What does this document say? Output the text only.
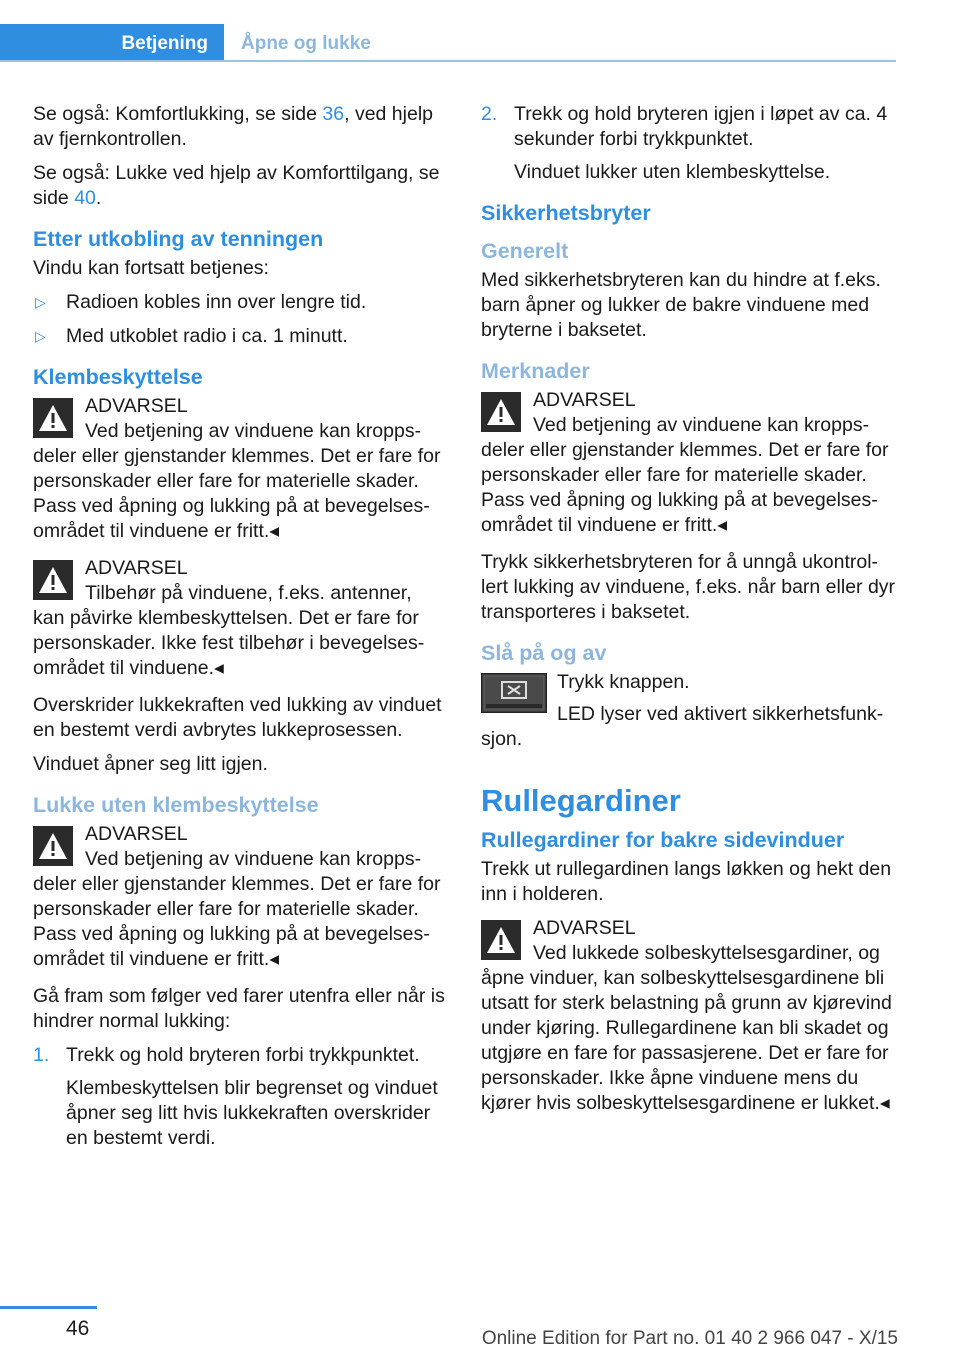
Betjening Åpne og lukke

Se også: Komfortlukking, se side 36, ved hjelp av fjernkontrollen.

Se også: Lukke ved hjelp av Komforttilgang, se side 40.

Etter utkobling av tenningen

Vindu kan fortsatt betjenes:

▷ Radioen kobles inn over lengre tid.
▷ Med utkoblet radio i ca. 1 minutt.
Klembeskyttelse
ADVARSEL
Ved betjening av vinduene kan kroppsdeler eller gjenstander klemmes. Det er fare for personskader eller fare for materielle skader. Pass ved åpning og lukking på at bevegelsesområdet til vinduene er fritt.◂
ADVARSEL
Tilbehør på vinduene, f.eks. antenner, kan påvirke klembeskyttelsen. Det er fare for personskader. Ikke fest tilbehør i bevegelsesområdet til vinduene.◂

Overskrider lukkekraften ved lukking av vinduet en bestemt verdi avbrytes lukkeprosessen.

Vinduet åpner seg litt igjen.

Lukke uten klembeskyttelse
ADVARSEL
Ved betjening av vinduene kan kroppsdeler eller gjenstander klemmes. Det er fare for personskader eller fare for materielle skader. Pass ved åpning og lukking på at bevegelsesområdet til vinduene er fritt.◂

Gå fram som følger ved farer utenfra eller når is hindrer normal lukking:

1. Trekk og hold bryteren forbi trykkpunktet.
Klembeskyttelsen blir begrenset og vinduet åpner seg litt hvis lukkekraften overskrider en bestemt verdi.
2. Trekk og hold bryteren igjen i løpet av ca. 4 sekunder forbi trykkpunktet.
Vinduet lukker uten klembeskyttelse.
Sikkerhetsbryter
Generelt

Med sikkerhetsbryteren kan du hindre at f.eks. barn åpner og lukker de bakre vinduene med bryterne i baksetet.

Merknader
ADVARSEL
Ved betjening av vinduene kan kroppsdeler eller gjenstander klemmes. Det er fare for personskader eller fare for materielle skader. Pass ved åpning og lukking på at bevegelsesområdet til vinduene er fritt.◂

Trykk sikkerhetsbryteren for å unngå ukontrollert lukking av vinduene, f.eks. når barn eller dyr transporteres i baksetet.

Slå på og av

Trykk knappen.

LED lyser ved aktivert sikkerhetsfunksjon.

Rullegardiner
Rullegardiner for bakre sidevinduer

Trekk ut rullegardinen langs løkken og hekt den inn i holderen.

ADVARSEL
Ved lukkede solbeskyttelsesgardiner, og åpne vinduer, kan solbeskyttelsesgardinene bli utsatt for sterk belastning på grunn av kjørevind under kjøring. Rullegardinene kan bli skadet og utgjøre en fare for passasjerene. Det er fare for personskader. Ikke åpne vinduene mens du kjører hvis solbeskyttelsesgardinene er lukket.◂
46	Online Edition for Part no. 01 40 2 966 047 - X/15
